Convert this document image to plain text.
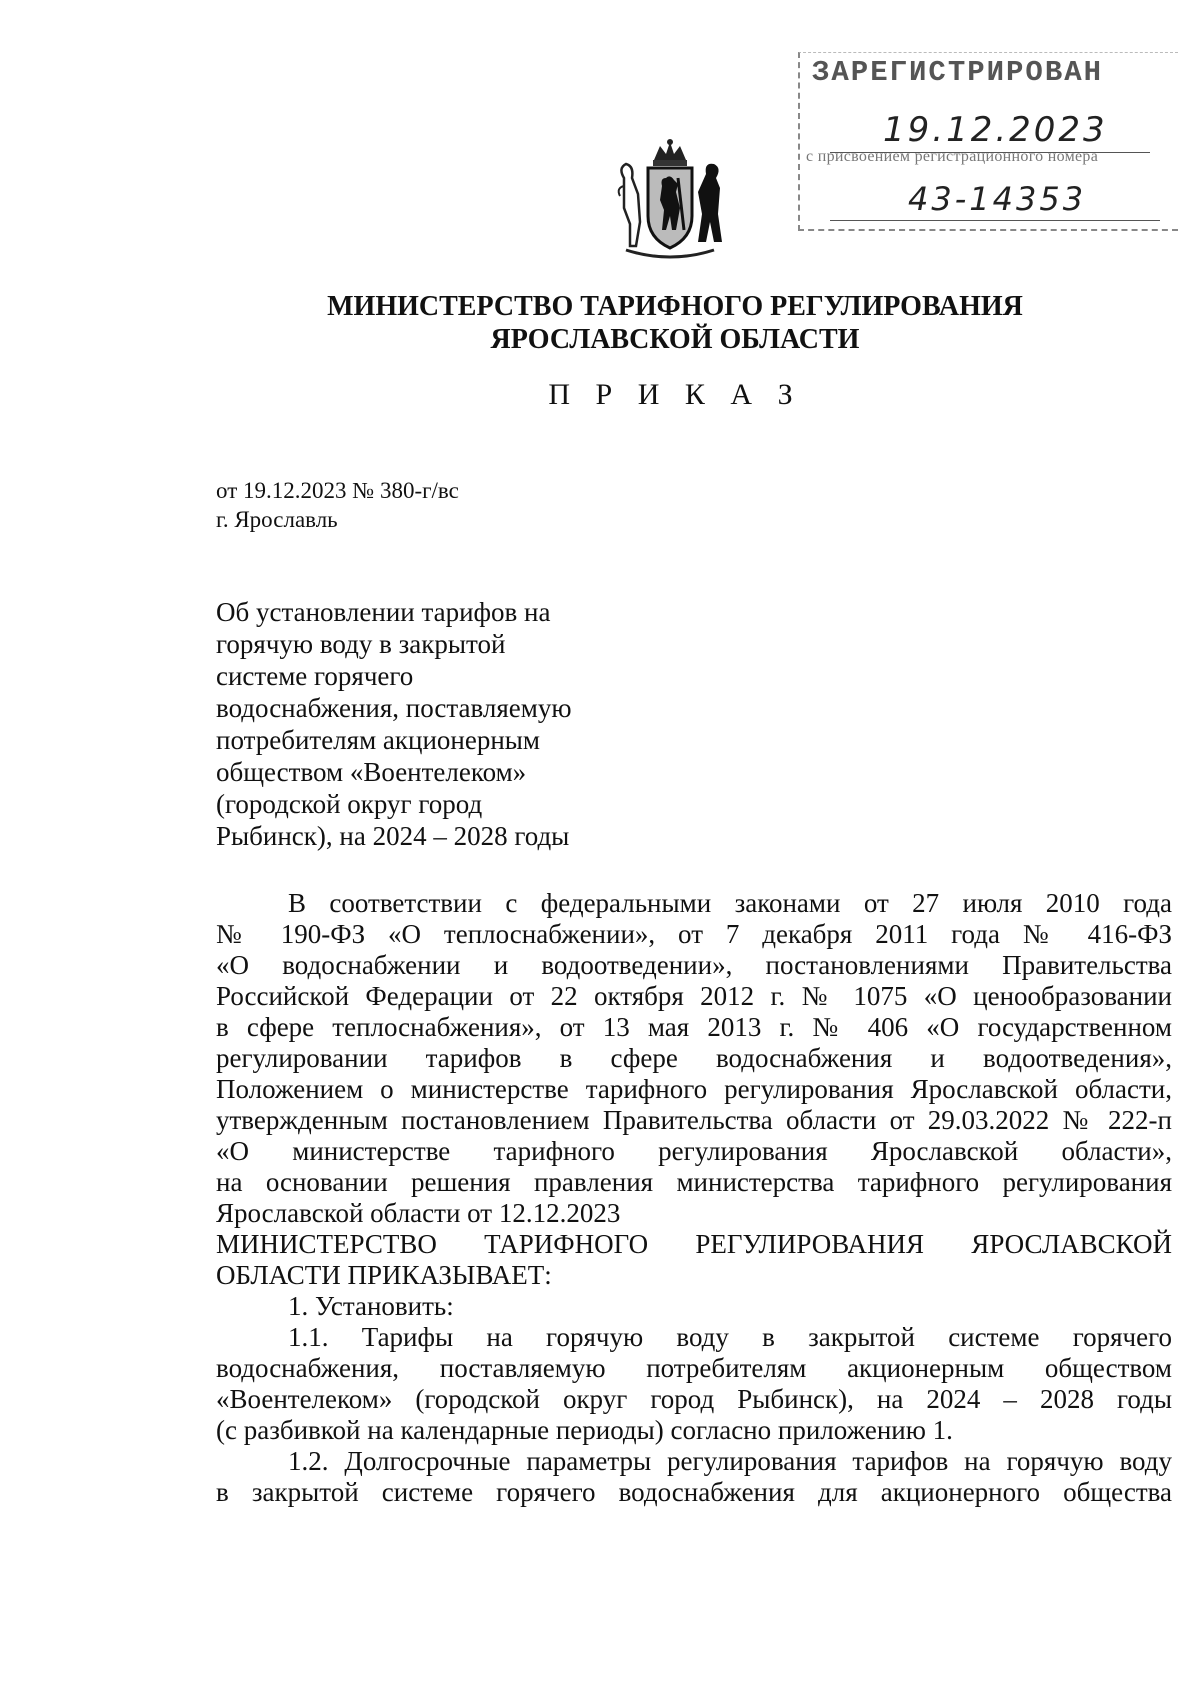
ЗАРЕГИСТРИРОВАН
19.12.2023
с присвоением регистрационного номера
43-14353
МИНИСТЕРСТВО ТАРИФНОГО РЕГУЛИРОВАНИЯ
ЯРОСЛАВСКОЙ ОБЛАСТИ
П Р И К А З
от 19.12.2023 № 380-г/вс
г. Ярославль
Об установлении тарифов на
горячую воду в закрытой
системе горячего
водоснабжения, поставляемую
потребителям акционерным
обществом «Воентелеком»
(городской округ город
Рыбинск), на 2024 – 2028 годы
В соответствии с федеральными законами от 27 июля 2010 года
№ 190-ФЗ «О теплоснабжении», от 7 декабря 2011 года № 416-ФЗ
«О водоснабжении и водоотведении», постановлениями Правительства
Российской Федерации от 22 октября 2012 г. № 1075 «О ценообразовании
в сфере теплоснабжения», от 13 мая 2013 г. № 406 «О государственном
регулировании тарифов в сфере водоснабжения и водоотведения»,
Положением о министерстве тарифного регулирования Ярославской области,
утвержденным постановлением Правительства области от 29.03.2022 № 222-п
«О министерстве тарифного регулирования Ярославской области»,
на основании решения правления министерства тарифного регулирования
Ярославской области от 12.12.2023
МИНИСТЕРСТВО ТАРИФНОГО РЕГУЛИРОВАНИЯ ЯРОСЛАВСКОЙ
ОБЛАСТИ ПРИКАЗЫВАЕТ:
1. Установить:
1.1. Тарифы на горячую воду в закрытой системе горячего
водоснабжения, поставляемую потребителям акционерным обществом
«Воентелеком» (городской округ город Рыбинск), на 2024 – 2028 годы
(с разбивкой на календарные периоды) согласно приложению 1.
1.2. Долгосрочные параметры регулирования тарифов на горячую воду
в закрытой системе горячего водоснабжения для акционерного общества
